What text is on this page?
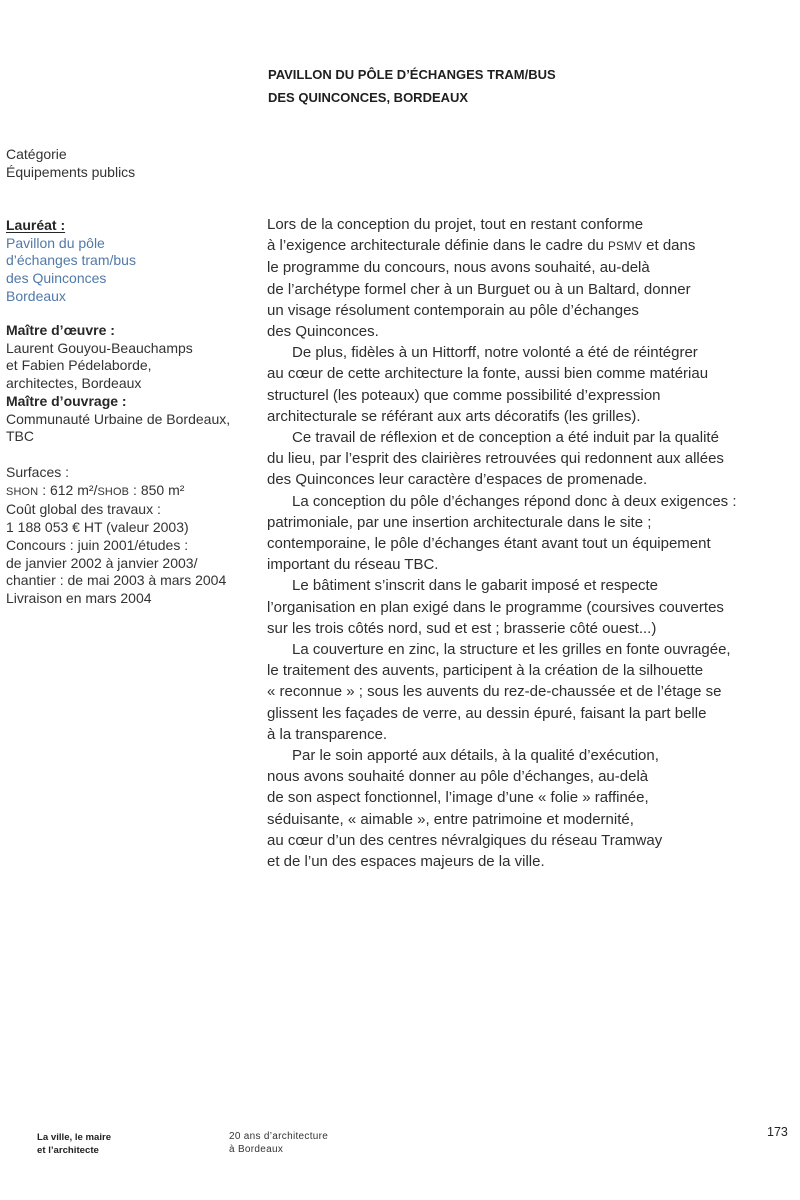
PAVILLON DU PÔLE D’ÉCHANGES TRAM/BUS
DES QUINCONCES, BORDEAUX
Catégorie
Équipements publics
Lauréat :
Pavillon du pôle
d’échanges tram/bus
des Quinconces
Bordeaux
Maître d’œuvre :
Laurent Gouyou-Beauchamps
et Fabien Pédelaborde,
architectes, Bordeaux
Maître d’ouvrage :
Communauté Urbaine de Bordeaux,
TBC
Surfaces :
SHON : 612 m²/SHOB : 850 m²
Coût global des travaux :
1 188 053 € HT (valeur 2003)
Concours : juin 2001/études :
de janvier 2002 à janvier 2003/
chantier : de mai 2003 à mars 2004
Livraison en mars 2004
Lors de la conception du projet, tout en restant conforme
à l’exigence architecturale définie dans le cadre du PSMV et dans
le programme du concours, nous avons souhaité, au-delà
de l’archétype formel cher à un Burguet ou à un Baltard, donner
un visage résolument contemporain au pôle d’échanges
des Quinconces.
De plus, fidèles à un Hittorff, notre volonté a été de réintégrer
au cœur de cette architecture la fonte, aussi bien comme matériau
structurel (les poteaux) que comme possibilité d’expression
architecturale se référant aux arts décoratifs (les grilles).
Ce travail de réflexion et de conception a été induit par la qualité
du lieu, par l’esprit des clairières retrouvées qui redonnent aux allées
des Quinconces leur caractère d’espaces de promenade.
La conception du pôle d’échanges répond donc à deux exigences :
patrimoniale, par une insertion architecturale dans le site ;
contemporaine, le pôle d’échanges étant avant tout un équipement
important du réseau TBC.
Le bâtiment s’inscrit dans le gabarit imposé et respecte
l’organisation en plan exigé dans le programme (coursives couvertes
sur les trois côtés nord, sud et est ; brasserie côté ouest...)
La couverture en zinc, la structure et les grilles en fonte ouvragée,
le traitement des auvents, participent à la création de la silhouette
« reconnue » ; sous les auvents du rez-de-chaussée et de l’étage se
glissent les façades de verre, au dessin épuré, faisant la part belle
à la transparence.
Par le soin apporté aux détails, à la qualité d’exécution,
nous avons souhaité donner au pôle d’échanges, au-delà
de son aspect fonctionnel, l’image d’une « folie » raffinée,
séduisante, « aimable », entre patrimoine et modernité,
au cœur d’un des centres névralgiques du réseau Tramway
et de l’un des espaces majeurs de la ville.
La ville, le maire
et l’architecte
20 ans d’architecture
à Bordeaux
173
